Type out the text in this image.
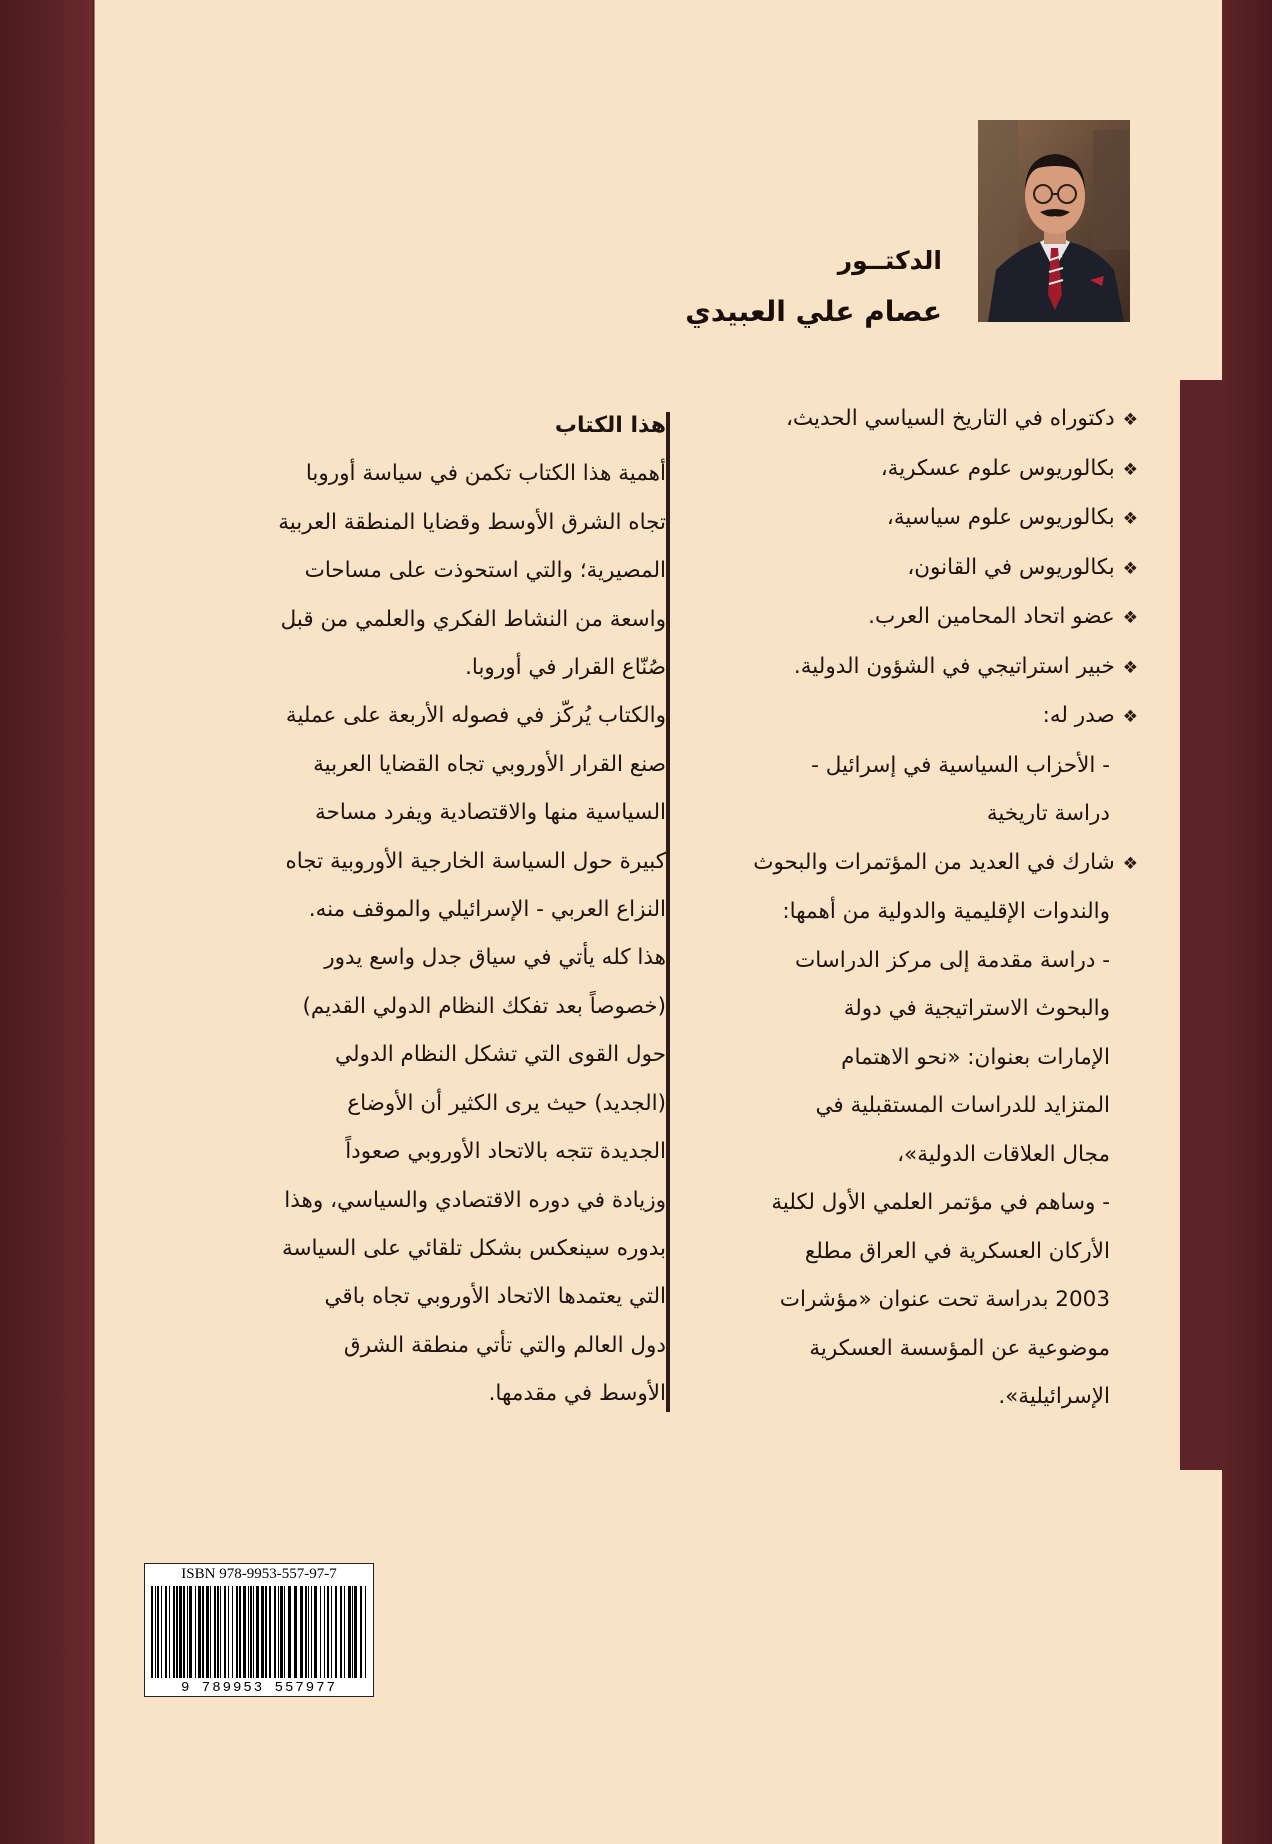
الدكتــور
عصام علي العبيدي
❖دكتوراه في التاريخ السياسي الحديث،
❖بكالوريوس علوم عسكرية،
❖بكالوريوس علوم سياسية،
❖بكالوريوس في القانون،
❖عضو اتحاد المحامين العرب.
❖خبير استراتيجي في الشؤون الدولية.
❖صدر له:
- الأحزاب السياسية في إسرائيل -
دراسة تاريخية
❖شارك في العديد من المؤتمرات والبحوث
والندوات الإقليمية والدولية من أهمها:
- دراسة مقدمة إلى مركز الدراسات
والبحوث الاستراتيجية في دولة
الإمارات بعنوان: «نحو الاهتمام
المتزايد للدراسات المستقبلية في
مجال العلاقات الدولية»،
- وساهم في مؤتمر العلمي الأول لكلية
الأركان العسكرية في العراق مطلع
2003 بدراسة تحت عنوان «مؤشرات
موضوعية عن المؤسسة العسكرية
الإسرائيلية».
هذا الكتاب
أهمية هذا الكتاب تكمن في سياسة أوروبا
تجاه الشرق الأوسط وقضايا المنطقة العربية
المصيرية؛ والتي استحوذت على مساحات
واسعة من النشاط الفكري والعلمي من قبل
صُنّاع القرار في أوروبا.
والكتاب يُركّز في فصوله الأربعة على عملية
صنع القرار الأوروبي تجاه القضايا العربية
السياسية منها والاقتصادية ويفرد مساحة
كبيرة حول السياسة الخارجية الأوروبية تجاه
النزاع العربي - الإسرائيلي والموقف منه.
هذا كله يأتي في سياق جدل واسع يدور
(خصوصاً بعد تفكك النظام الدولي القديم)
حول القوى التي تشكل النظام الدولي
(الجديد) حيث يرى الكثير أن الأوضاع
الجديدة تتجه بالاتحاد الأوروبي صعوداً
وزيادة في دوره الاقتصادي والسياسي، وهذا
بدوره سينعكس بشكل تلقائي على السياسة
التي يعتمدها الاتحاد الأوروبي تجاه باقي
دول العالم والتي تأتي منطقة الشرق
الأوسط في مقدمها.
ISBN 978-9953-557-97-7
9 789953 557977
